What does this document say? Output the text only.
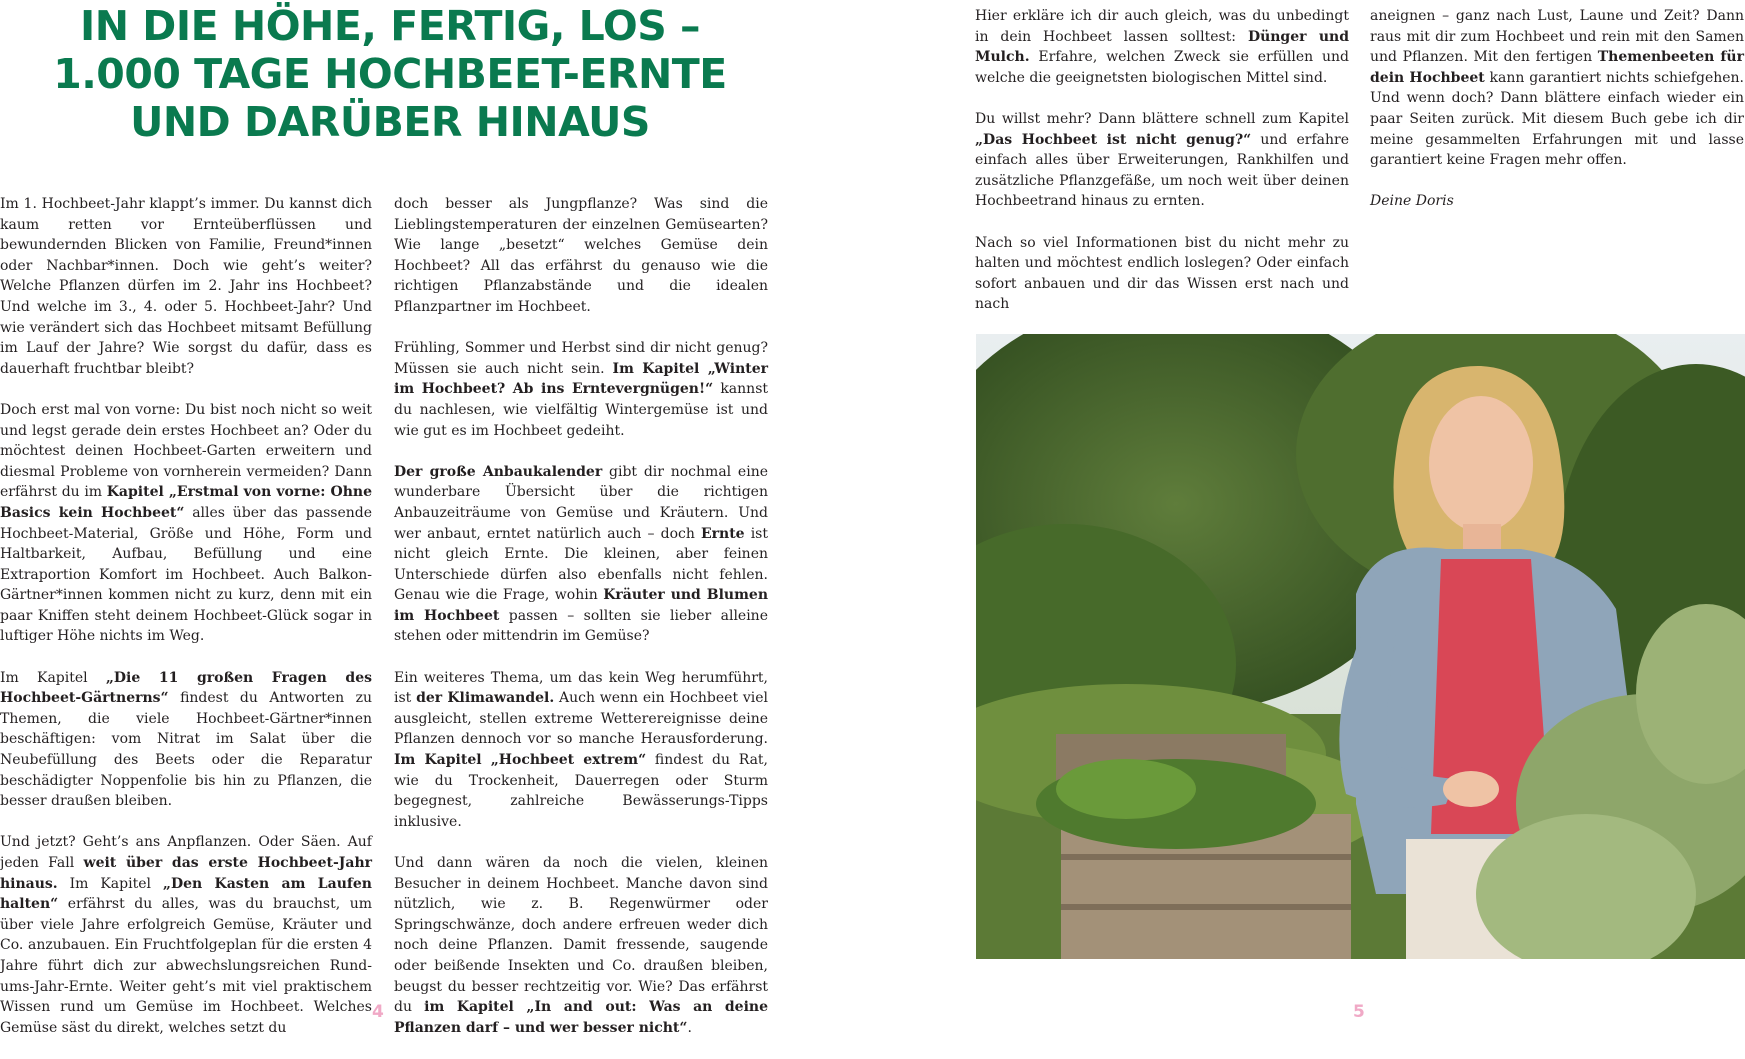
IN DIE HÖHE, FERTIG, LOS –
1.000 TAGE HOCHBEET-ERNTE
UND DARÜBER HINAUS

Im 1. Hochbeet-Jahr klappt’s immer. Du kannst dich kaum retten vor Ernteüberflüssen und bewundernden Blicken von Familie, Freund*innen oder Nachbar*innen. Doch wie geht’s weiter? Welche Pflanzen dürfen im 2. Jahr ins Hochbeet? Und welche im 3., 4. oder 5. Hochbeet-Jahr? Und wie verändert sich das Hochbeet mitsamt Befüllung im Lauf der Jahre? Wie sorgst du dafür, dass es dauerhaft fruchtbar bleibt?

Doch erst mal von vorne: Du bist noch nicht so weit und legst gerade dein erstes Hochbeet an? Oder du möchtest deinen Hochbeet-Garten erweitern und diesmal Probleme von vornherein vermeiden? Dann erfährst du im Kapitel „Erstmal von vorne: Ohne Basics kein Hochbeet“ alles über das passende Hochbeet-Material, Größe und Höhe, Form und Haltbarkeit, Aufbau, Befüllung und eine Extraportion Komfort im Hochbeet. Auch Balkon-Gärtner*innen kommen nicht zu kurz, denn mit ein paar Kniffen steht deinem Hochbeet-Glück sogar in luftiger Höhe nichts im Weg.

Im Kapitel „Die 11 großen Fragen des Hochbeet-Gärtnerns“ findest du Antworten zu Themen, die viele Hochbeet-Gärtner*innen beschäftigen: vom Nitrat im Salat über die Neubefüllung des Beets oder die Reparatur beschädigter Noppenfolie bis hin zu Pflanzen, die besser draußen bleiben.

Und jetzt? Geht’s ans Anpflanzen. Oder Säen. Auf jeden Fall weit über das erste Hochbeet-Jahr hinaus. Im Kapitel „Den Kasten am Laufen halten“ erfährst du alles, was du brauchst, um über viele Jahre erfolgreich Gemüse, Kräuter und Co. anzubauen. Ein Fruchtfolgeplan für die ersten 4 Jahre führt dich zur abwechslungsreichen Rund-ums-Jahr-Ernte. Weiter geht’s mit viel praktischem Wissen rund um Gemüse im Hochbeet. Welches Gemüse säst du direkt, welches setzt du

doch besser als Jungpflanze? Was sind die Lieblingstemperaturen der einzelnen Gemüsearten? Wie lange „besetzt“ welches Gemüse dein Hochbeet? All das erfährst du genauso wie die richtigen Pflanzabstände und die idealen Pflanzpartner im Hochbeet.

Frühling, Sommer und Herbst sind dir nicht genug? Müssen sie auch nicht sein. Im Kapitel „Winter im Hochbeet? Ab ins Erntevergnügen!“ kannst du nachlesen, wie vielfältig Wintergemüse ist und wie gut es im Hochbeet gedeiht.

Der große Anbaukalender gibt dir nochmal eine wunderbare Übersicht über die richtigen Anbauzeiträume von Gemüse und Kräutern. Und wer anbaut, erntet natürlich auch – doch Ernte ist nicht gleich Ernte. Die kleinen, aber feinen Unterschiede dürfen also ebenfalls nicht fehlen. Genau wie die Frage, wohin Kräuter und Blumen im Hochbeet passen – sollten sie lieber alleine stehen oder mittendrin im Gemüse?

Ein weiteres Thema, um das kein Weg herumführt, ist der Klimawandel. Auch wenn ein Hochbeet viel ausgleicht, stellen extreme Wetterereignisse deine Pflanzen dennoch vor so manche Herausforderung. Im Kapitel „Hochbeet extrem“ findest du Rat, wie du Trockenheit, Dauerregen oder Sturm begegnest, zahlreiche Bewässerungs-Tipps inklusive.

Und dann wären da noch die vielen, kleinen Besucher in deinem Hochbeet. Manche davon sind nützlich, wie z. B. Regenwürmer oder Springschwänze, doch andere erfreuen weder dich noch deine Pflanzen. Damit fressende, saugende oder beißende Insekten und Co. draußen bleiben, beugst du besser rechtzeitig vor. Wie? Das erfährst du im Kapitel „In and out: Was an deine Pflanzen darf – und wer besser nicht“.

Hier erkläre ich dir auch gleich, was du unbedingt in dein Hochbeet lassen solltest: Dünger und Mulch. Erfahre, welchen Zweck sie erfüllen und welche die geeignetsten biologischen Mittel sind.

Du willst mehr? Dann blättere schnell zum Kapitel „Das Hochbeet ist nicht genug?“ und erfahre einfach alles über Erweiterungen, Rankhilfen und zusätzliche Pflanzgefäße, um noch weit über deinen Hochbeetrand hinaus zu ernten.

Nach so viel Informationen bist du nicht mehr zu halten und möchtest endlich loslegen? Oder einfach sofort anbauen und dir das Wissen erst nach und nach

aneignen – ganz nach Lust, Laune und Zeit? Dann raus mit dir zum Hochbeet und rein mit den Samen und Pflanzen. Mit den fertigen Themenbeeten für dein Hochbeet kann garantiert nichts schiefgehen. Und wenn doch? Dann blättere einfach wieder ein paar Seiten zurück. Mit diesem Buch gebe ich dir meine gesammelten Erfahrungen mit und lasse garantiert keine Fragen mehr offen.

Deine Doris

4	5
